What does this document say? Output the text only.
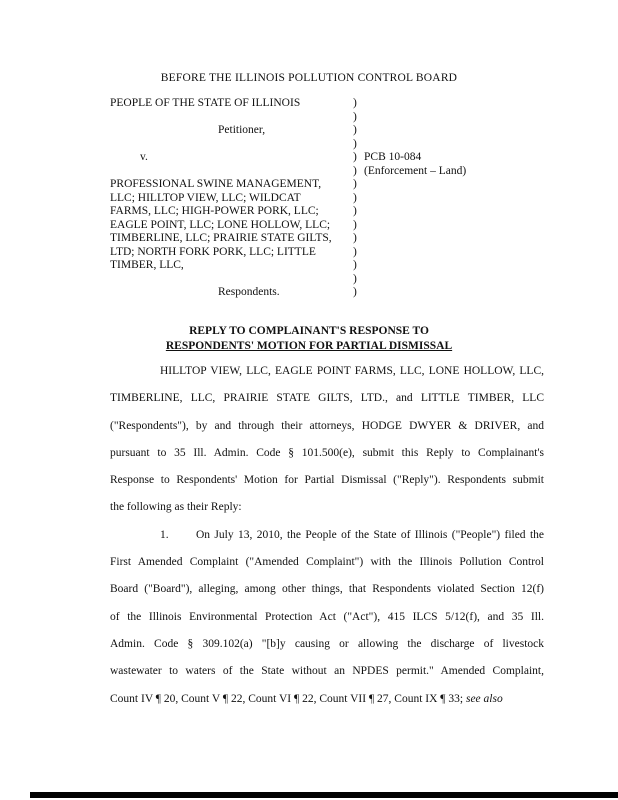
BEFORE THE ILLINOIS POLLUTION CONTROL BOARD
PEOPLE OF THE STATE OF ILLINOIS
Petitioner,
v.
PROFESSIONAL SWINE MANAGEMENT,
LLC; HILLTOP VIEW, LLC; WILDCAT
FARMS, LLC; HIGH-POWER PORK, LLC;
EAGLE POINT, LLC; LONE HOLLOW, LLC;
TIMBERLINE, LLC; PRAIRIE STATE GILTS,
LTD; NORTH FORK PORK, LLC; LITTLE
TIMBER, LLC,
Respondents.
)
)
)
)
)
)
)
)
)
)
)
)
)
)
)
PCB 10-084
(Enforcement – Land)
REPLY TO COMPLAINANT'S RESPONSE TO
RESPONDENTS' MOTION FOR PARTIAL DISMISSAL
HILLTOP VIEW, LLC, EAGLE POINT FARMS, LLC, LONE HOLLOW, LLC,
TIMBERLINE, LLC, PRAIRIE STATE GILTS, LTD., and LITTLE TIMBER, LLC
("Respondents"), by and through their attorneys, HODGE DWYER & DRIVER, and
pursuant to 35 Ill. Admin. Code § 101.500(e), submit this Reply to Complainant's
Response to Respondents' Motion for Partial Dismissal ("Reply"). Respondents submit
the following as their Reply:
1. On July 13, 2010, the People of the State of Illinois ("People") filed the
First Amended Complaint ("Amended Complaint") with the Illinois Pollution Control
Board ("Board"), alleging, among other things, that Respondents violated Section 12(f)
of the Illinois Environmental Protection Act ("Act"), 415 ILCS 5/12(f), and 35 Ill.
Admin. Code § 309.102(a) "[b]y causing or allowing the discharge of livestock
wastewater to waters of the State without an NPDES permit." Amended Complaint,
Count IV ¶ 20, Count V ¶ 22, Count VI ¶ 22, Count VII ¶ 27, Count IX ¶ 33; see also
